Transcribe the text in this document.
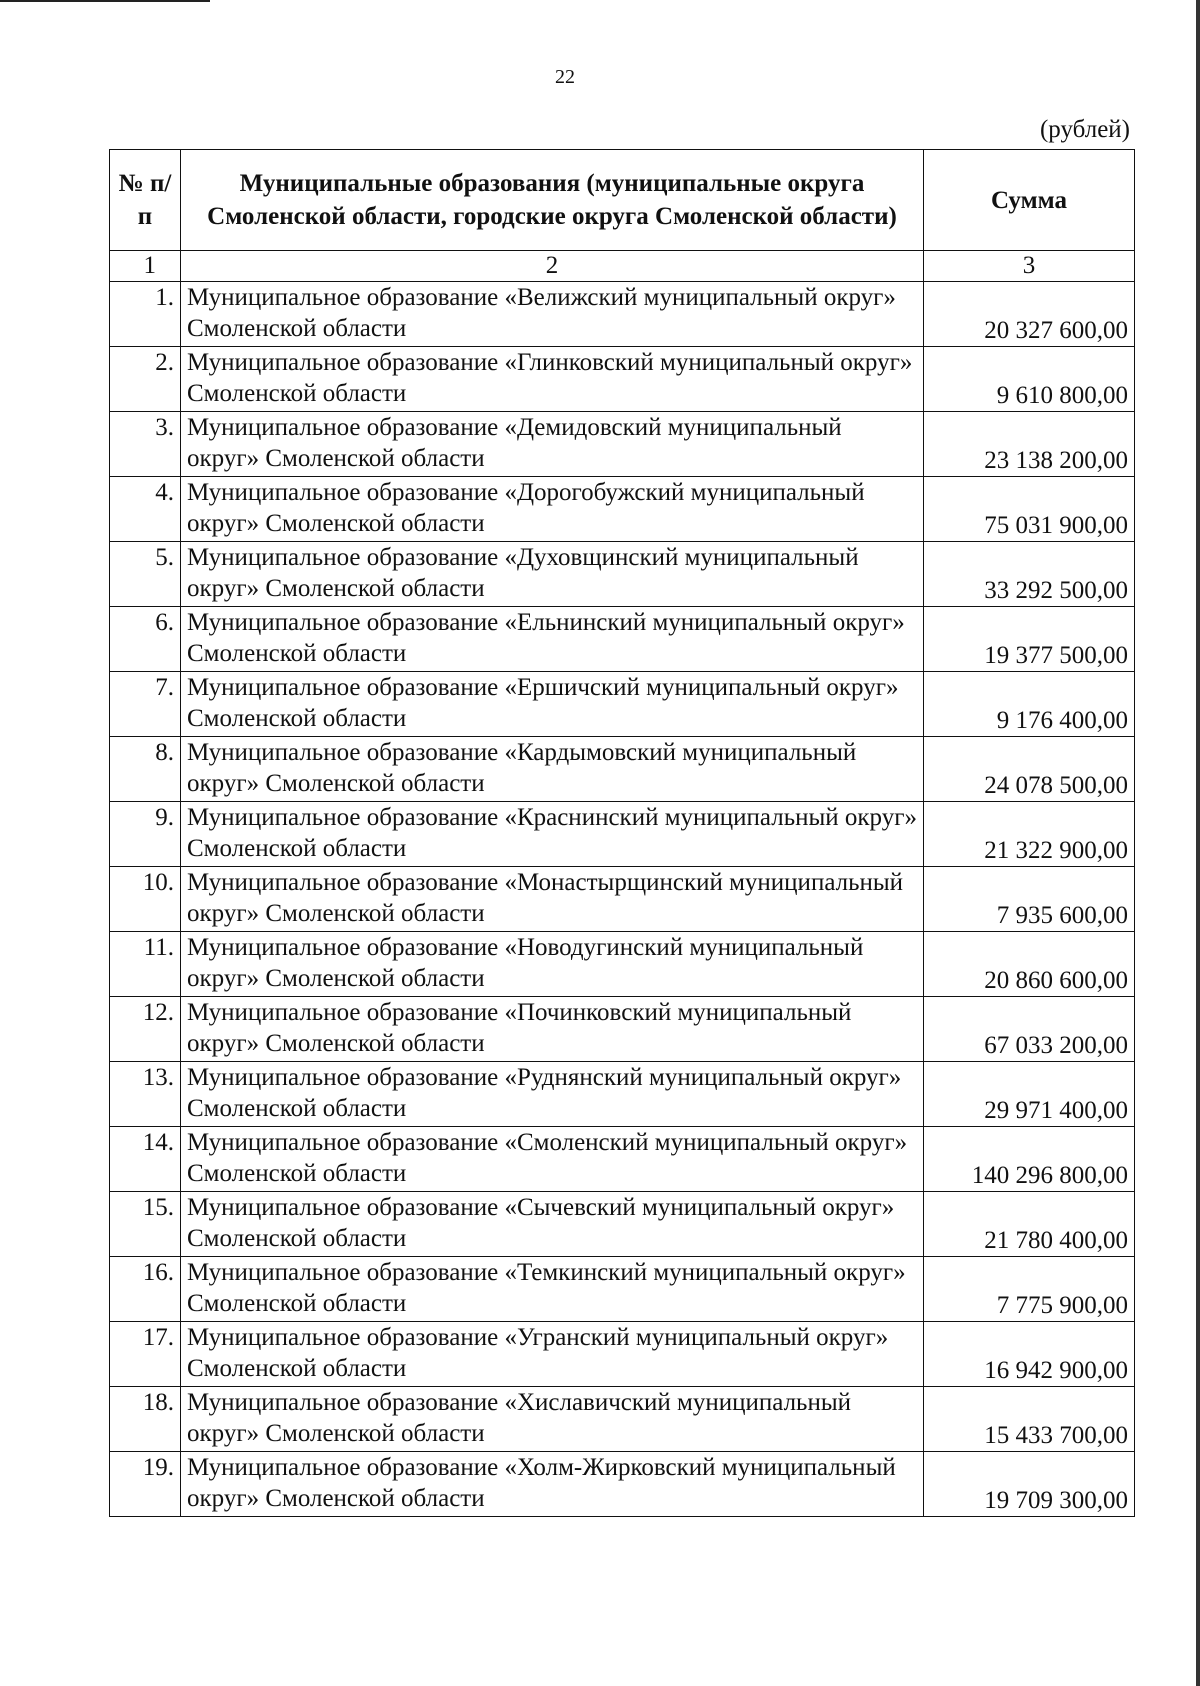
22
(рублей)
№ п/п	Муниципальные образования (муниципальные округа Смоленской области, городские округа Смоленской области)	Сумма
1	2	3
1.	Муниципальное образование «Велижский муниципальный округ» Смоленской области	20 327 600,00
2.	Муниципальное образование «Глинковский муниципальный округ» Смоленской области	9 610 800,00
3.	Муниципальное образование «Демидовский муниципальный округ» Смоленской области	23 138 200,00
4.	Муниципальное образование «Дорогобужский муниципальный округ» Смоленской области	75 031 900,00
5.	Муниципальное образование «Духовщинский муниципальный округ» Смоленской области	33 292 500,00
6.	Муниципальное образование «Ельнинский муниципальный округ» Смоленской области	19 377 500,00
7.	Муниципальное образование «Ершичский муниципальный округ» Смоленской области	9 176 400,00
8.	Муниципальное образование «Кардымовский муниципальный округ» Смоленской области	24 078 500,00
9.	Муниципальное образование «Краснинский муниципальный округ» Смоленской области	21 322 900,00
10.	Муниципальное образование «Монастырщинский муниципальный округ» Смоленской области	7 935 600,00
11.	Муниципальное образование «Новодугинский муниципальный округ» Смоленской области	20 860 600,00
12.	Муниципальное образование «Починковский муниципальный округ» Смоленской области	67 033 200,00
13.	Муниципальное образование «Руднянский муниципальный округ» Смоленской области	29 971 400,00
14.	Муниципальное образование «Смоленский муниципальный округ» Смоленской области	140 296 800,00
15.	Муниципальное образование «Сычевский муниципальный округ» Смоленской области	21 780 400,00
16.	Муниципальное образование «Темкинский муниципальный округ» Смоленской области	7 775 900,00
17.	Муниципальное образование «Угранский муниципальный округ» Смоленской области	16 942 900,00
18.	Муниципальное образование «Хиславичский муниципальный округ» Смоленской области	15 433 700,00
19.	Муниципальное образование «Холм-Жирковский муниципальный округ» Смоленской области	19 709 300,00
